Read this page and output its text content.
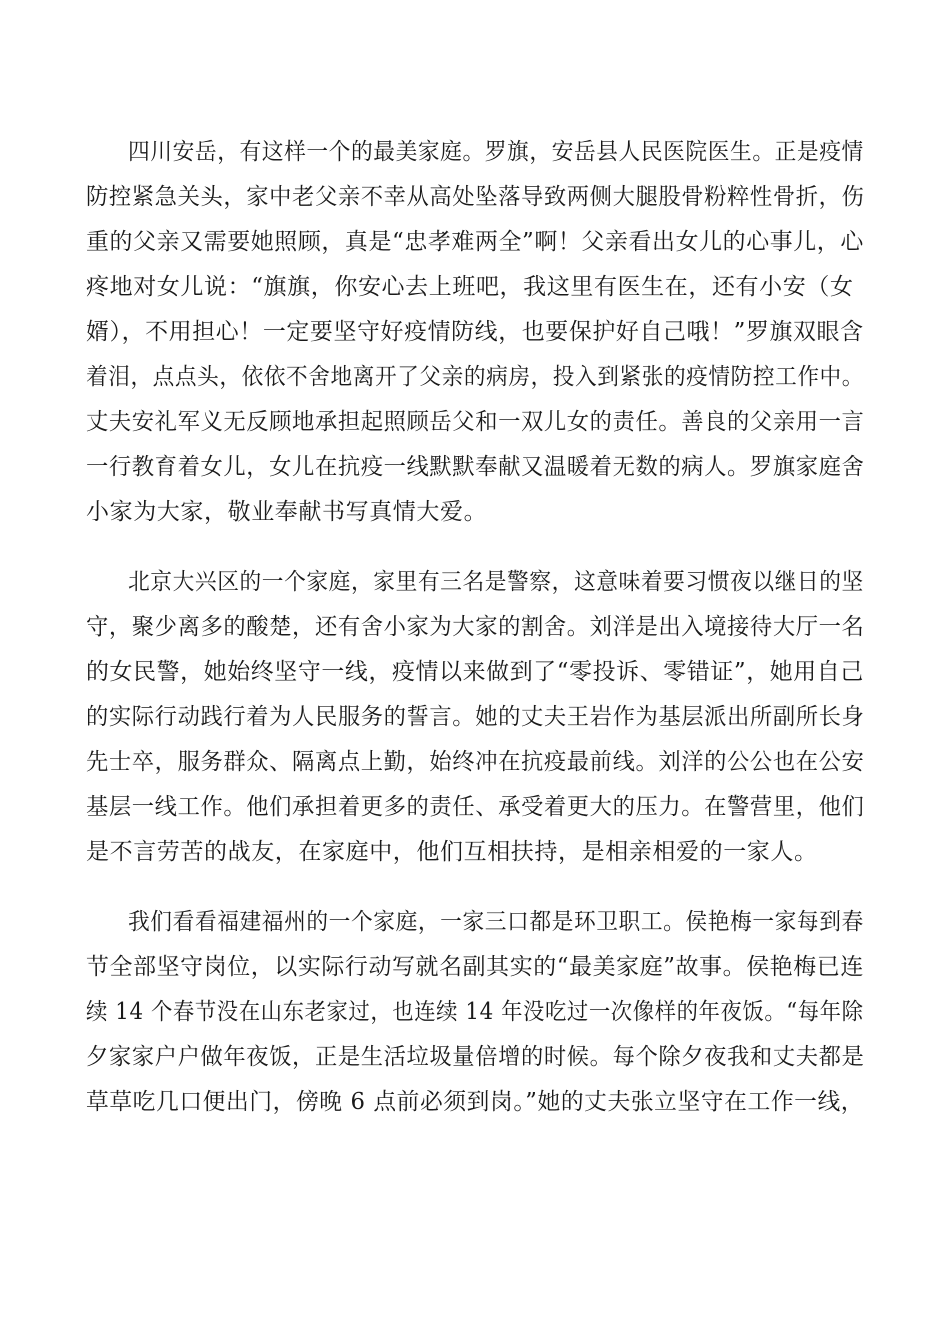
四川安岳，有这样一个的最美家庭。罗旗，安岳县人民医院医生。正是疫情
防控紧急关头，家中老父亲不幸从高处坠落导致两侧大腿股骨粉粹性骨折，伤
重的父亲又需要她照顾，真是“忠孝难两全”啊！父亲看出女儿的心事儿，心
疼地对女儿说：“旗旗，你安心去上班吧，我这里有医生在，还有小安（女
婿），不用担心！一定要坚守好疫情防线，也要保护好自己哦！”罗旗双眼含
着泪，点点头，依依不舍地离开了父亲的病房，投入到紧张的疫情防控工作中。
丈夫安礼军义无反顾地承担起照顾岳父和一双儿女的责任。善良的父亲用一言
一行教育着女儿，女儿在抗疫一线默默奉献又温暖着无数的病人。罗旗家庭舍
小家为大家，敬业奉献书写真情大爱。
北京大兴区的一个家庭，家里有三名是警察，这意味着要习惯夜以继日的坚
守，聚少离多的酸楚，还有舍小家为大家的割舍。刘洋是出入境接待大厅一名
的女民警，她始终坚守一线，疫情以来做到了“零投诉、零错证”，她用自己
的实际行动践行着为人民服务的誓言。她的丈夫王岩作为基层派出所副所长身
先士卒，服务群众、隔离点上勤，始终冲在抗疫最前线。刘洋的公公也在公安
基层一线工作。他们承担着更多的责任、承受着更大的压力。在警营里，他们
是不言劳苦的战友，在家庭中，他们互相扶持，是相亲相爱的一家人。
我们看看福建福州的一个家庭，一家三口都是环卫职工。侯艳梅一家每到春
节全部坚守岗位，以实际行动写就名副其实的“最美家庭”故事。侯艳梅已连
续 14 个春节没在山东老家过，也连续 14 年没吃过一次像样的年夜饭。“每年除
夕家家户户做年夜饭，正是生活垃圾量倍增的时候。每个除夕夜我和丈夫都是
草草吃几口便出门，傍晚 6 点前必须到岗。”她的丈夫张立坚守在工作一线，
